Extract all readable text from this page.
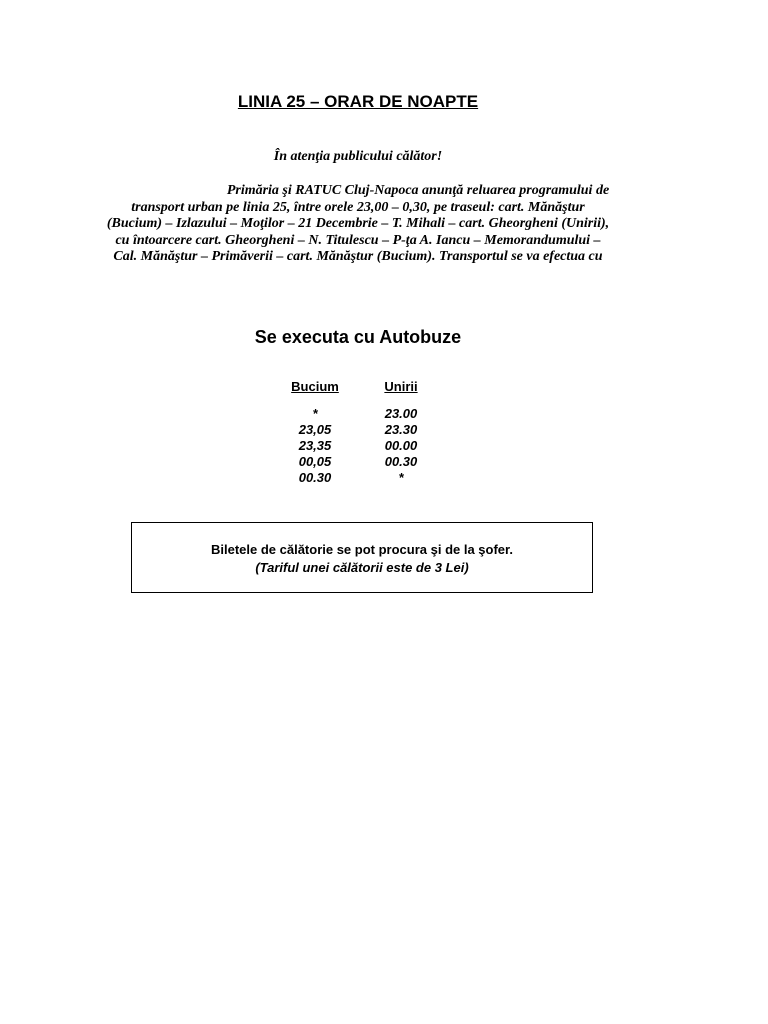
LINIA 25 – ORAR DE NOAPTE
În atenţia publicului călător!
Primăria şi RATUC Cluj-Napoca anunţă reluarea programului de
transport urban pe linia 25, între orele 23,00 – 0,30, pe traseul: cart. Mănăştur
(Bucium) – Izlazului – Moţilor – 21 Decembrie – T. Mihali – cart. Gheorgheni (Unirii),
cu întoarcere cart. Gheorgheni – N. Titulescu – P-ţa A. Iancu – Memorandumului –
Cal. Mănăştur – Primăverii – cart. Mănăştur (Bucium). Transportul se va efectua cu
Se executa cu Autobuze
Bucium	Unirii
*	23.00
23,05	23.30
23,35	00.00
00,05	00.30
00.30	*
Biletele de călătorie se pot procura şi de la şofer.
(Tariful unei călătorii este de 3 Lei)
